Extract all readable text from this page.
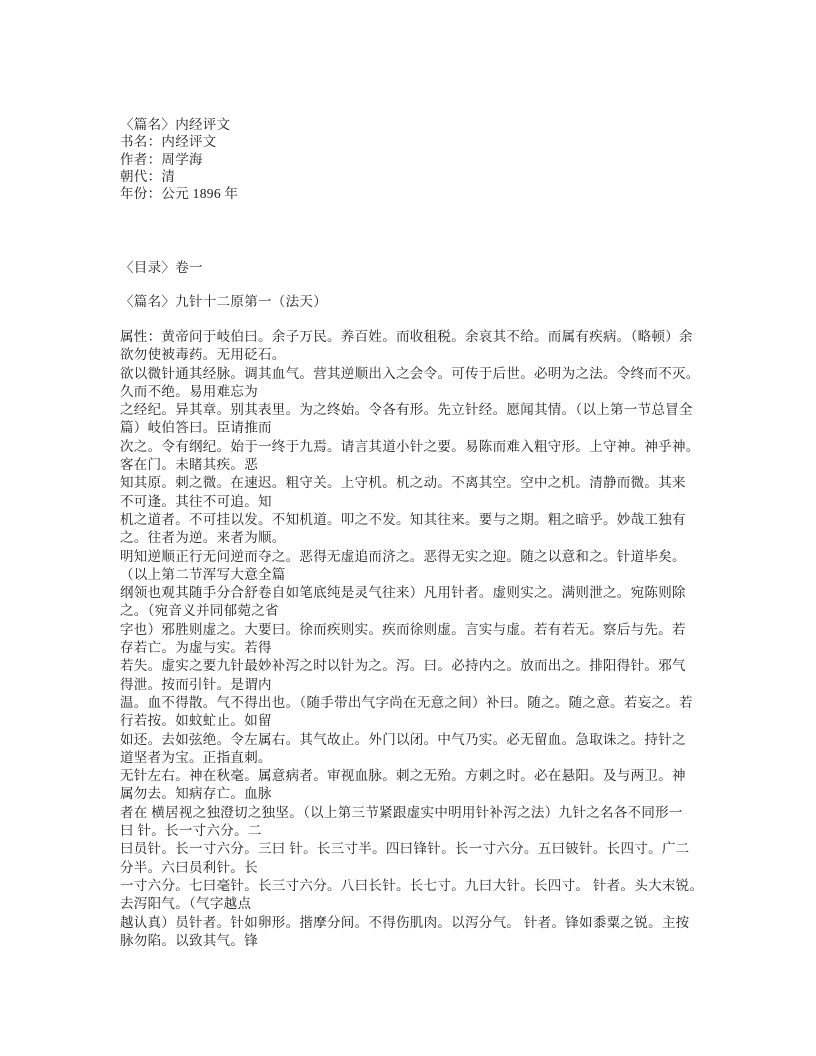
〈篇名〉内经评文
书名：内经评文
作者：周学海
朝代：清
年份：公元 1896 年
〈目录〉卷一
〈篇名〉九针十二原第一（法天）
属性：黄帝问于岐伯曰。余子万民。养百姓。而收租税。余哀其不给。而属有疾病。（略顿）余
欲勿使被毒药。无用砭石。
欲以微针通其经脉。调其血气。营其逆顺出入之会令。可传于后世。必明为之法。令终而不灭。
久而不绝。易用难忘为
之经纪。异其章。别其表里。为之终始。令各有形。先立针经。愿闻其情。（以上第一节总冒全
篇）岐伯答曰。臣请推而
次之。令有纲纪。始于一终于九焉。请言其道小针之要。易陈而难入粗守形。上守神。神乎神。
客在门。未睹其疾。恶
知其原。刺之微。在速迟。粗守关。上守机。机之动。不离其空。空中之机。清静而微。其来
不可逢。其往不可追。知
机之道者。不可挂以发。不知机道。叩之不发。知其往来。要与之期。粗之暗乎。妙哉工独有
之。往者为逆。来者为顺。
明知逆顺正行无问逆而夺之。恶得无虚追而济之。恶得无实之迎。随之以意和之。针道毕矣。
（以上第二节浑写大意全篇
纲领也观其随手分合舒卷自如笔底纯是灵气往来）凡用针者。虚则实之。满则泄之。宛陈则除
之。（宛音义并同郁菀之省
字也）邪胜则虚之。大要曰。徐而疾则实。疾而徐则虚。言实与虚。若有若无。察后与先。若
存若亡。为虚与实。若得
若失。虚实之要九针最妙补泻之时以针为之。泻。曰。必持内之。放而出之。排阳得针。邪气
得泄。按而引针。是谓内
温。血不得散。气不得出也。（随手带出气字尚在无意之间）补曰。随之。随之意。若妄之。若
行若按。如蚊虻止。如留
如还。去如弦绝。令左属右。其气故止。外门以闭。中气乃实。必无留血。急取诛之。持针之
道坚者为宝。正指直刺。
无针左右。神在秋毫。属意病者。审视血脉。刺之无殆。方刺之时。必在悬阳。及与两卫。神
属勿去。知病存亡。血脉
者在 横居视之独澄切之独坚。（以上第三节紧跟虚实中明用针补泻之法）九针之名各不同形一
曰 针。长一寸六分。二
曰员针。长一寸六分。三曰 针。长三寸半。四曰锋针。长一寸六分。五曰铍针。长四寸。广二
分半。六曰员利针。长
一寸六分。七曰毫针。长三寸六分。八曰长针。长七寸。九曰大针。长四寸。 针者。头大末锐。
去泻阳气。（气字越点
越认真）员针者。针如卵形。揩摩分间。不得伤肌肉。以泻分气。 针者。锋如黍粟之锐。主按
脉勿陷。以致其气。锋
